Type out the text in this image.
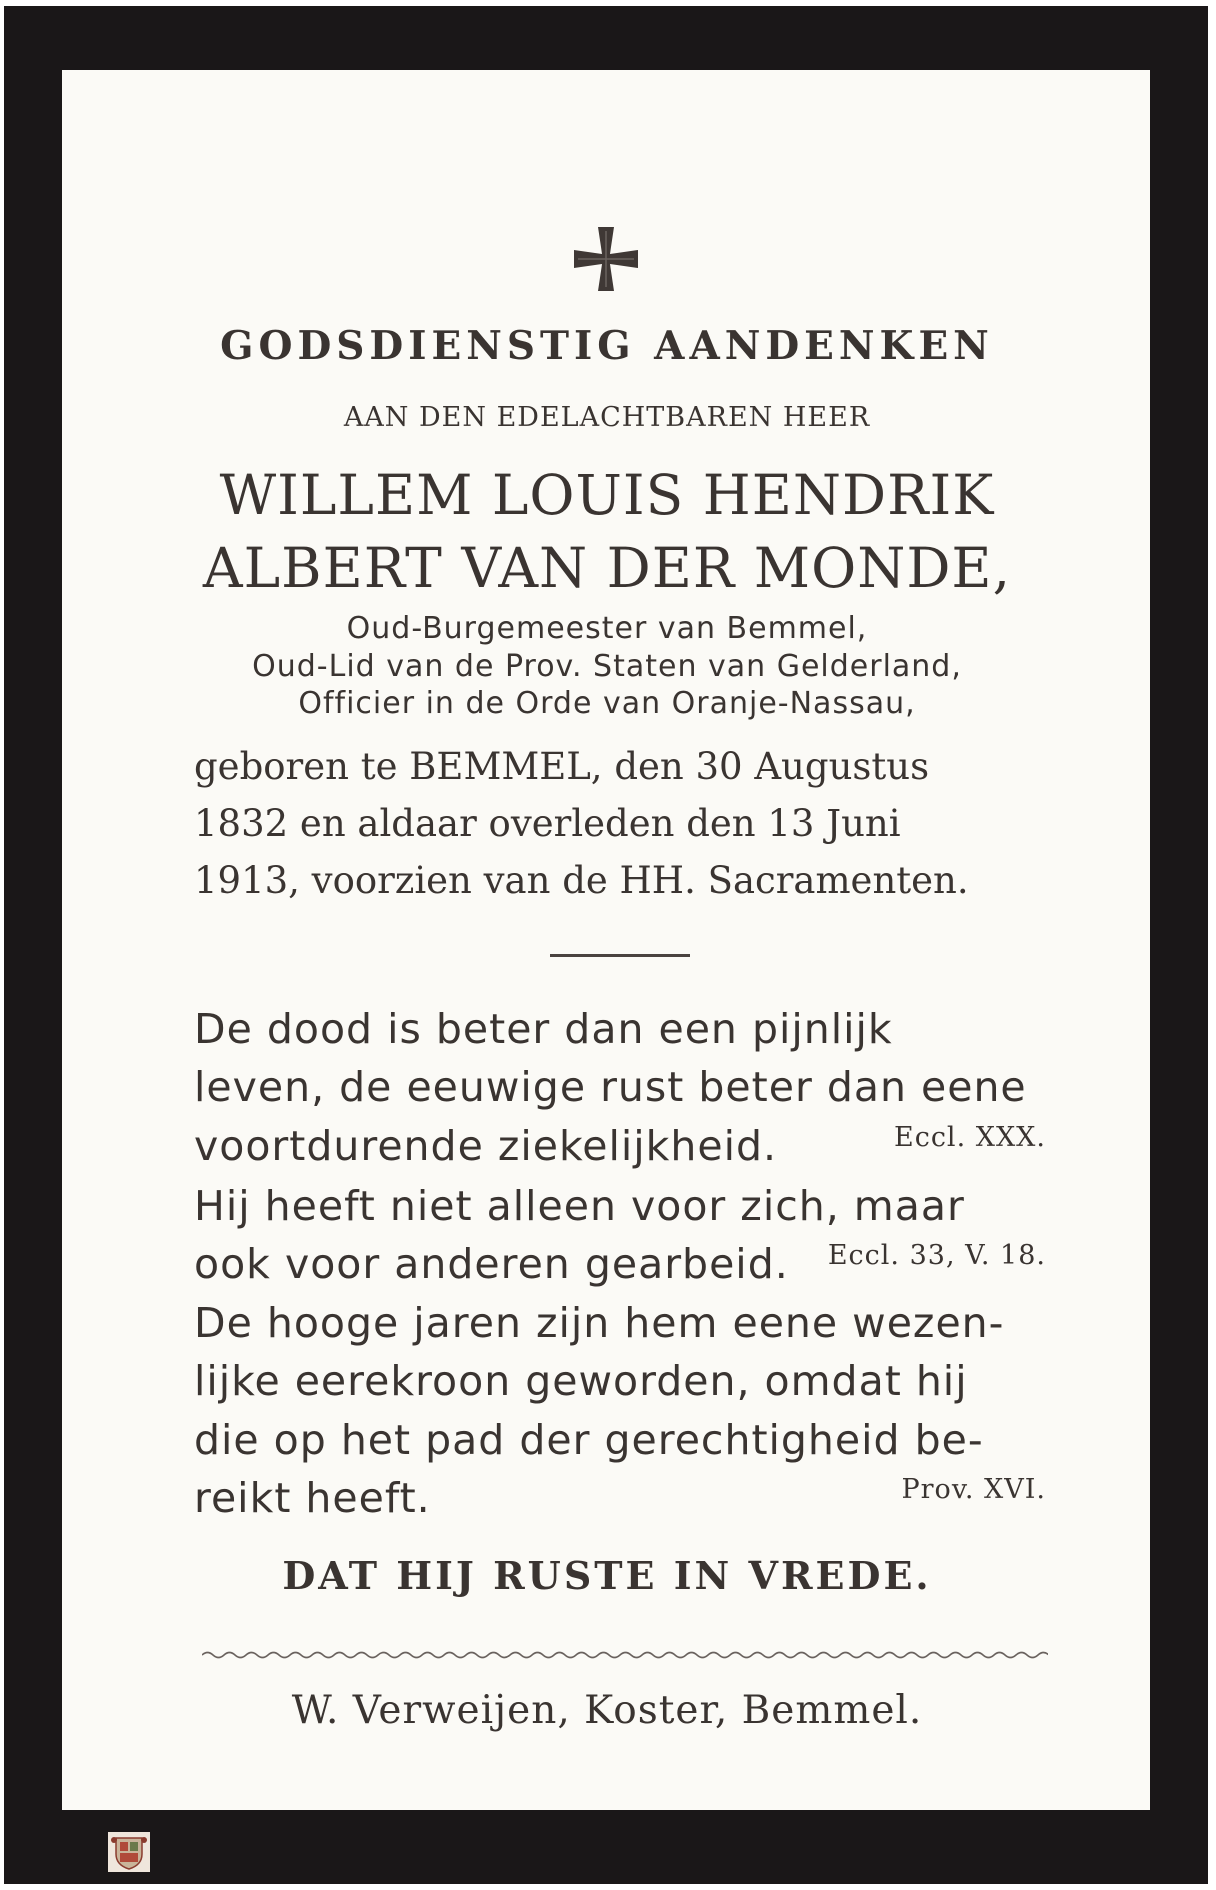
GODSDIENSTIG AANDENKEN
AAN DEN EDELACHTBAREN HEER
WILLEM LOUIS HENDRIK
ALBERT VAN DER MONDE,
Oud-Burgemeester van Bemmel,
Oud-Lid van de Prov. Staten van Gelderland,
Officier in de Orde van Oranje-Nassau,
geboren te BEMMEL, den 30 Augustus
1832 en aldaar overleden den 13 Juni
1913, voorzien van de HH. Sacramenten.
De dood is beter dan een pijnlijk
leven, de eeuwige rust beter dan eene
voortdurende ziekelijkheid.	Eccl. XXX.
Hij heeft niet alleen voor zich, maar
ook voor anderen gearbeid. Eccl. 33, V. 18.
De hooge jaren zijn hem eene wezen-
lijke eerekroon geworden, omdat hij
die op het pad der gerechtigheid be-
reikt heeft.	Prov. XVI.
DAT HIJ RUSTE IN VREDE.
W. Verweijen, Koster, Bemmel.
